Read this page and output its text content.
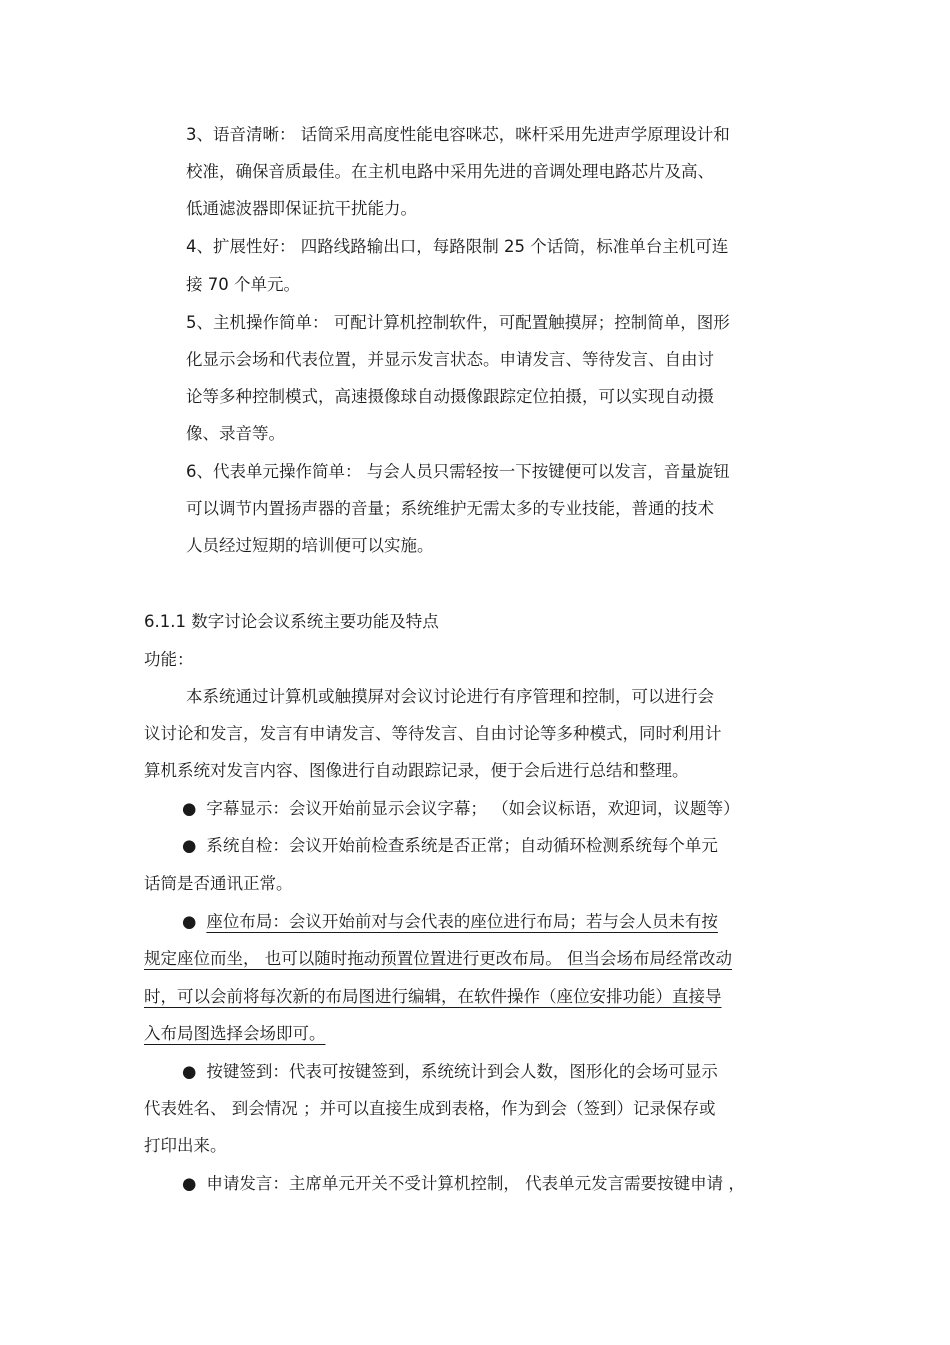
3、语音清晰： 话筒采用高度性能电容咪芯，咪杆采用先进声学原理设计和
校准，确保音质最佳。在主机电路中采用先进的音调处理电路芯片及高、
低通滤波器即保证抗干扰能力。
4、扩展性好： 四路线路输出口，每路限制 25 个话筒，标准单台主机可连
接 70 个单元。
5、主机操作简单： 可配计算机控制软件，可配置触摸屏；控制简单，图形
化显示会场和代表位置，并显示发言状态。申请发言、等待发言、自由讨
论等多种控制模式，高速摄像球自动摄像跟踪定位拍摄，可以实现自动摄
像、录音等。
6、代表单元操作简单： 与会人员只需轻按一下按键便可以发言，音量旋钮
可以调节内置扬声器的音量；系统维护无需太多的专业技能，普通的技术
人员经过短期的培训便可以实施。
6.1.1 数字讨论会议系统主要功能及特点
功能：
本系统通过计算机或触摸屏对会议讨论进行有序管理和控制，可以进行会
议讨论和发言，发言有申请发言、等待发言、自由讨论等多种模式，同时利用计
算机系统对发言内容、图像进行自动跟踪记录，便于会后进行总结和整理。
● 字幕显示：会议开始前显示会议字幕； （如会议标语，欢迎词，议题等）
● 系统自检：会议开始前检查系统是否正常；自动循环检测系统每个单元
话筒是否通讯正常。
● 座位布局：会议开始前对与会代表的座位进行布局；若与会人员未有按
规定座位而坐， 也可以随时拖动预置位置进行更改布局。 但当会场布局经常改动
时，可以会前将每次新的布局图进行编辑，在软件操作（座位安排功能）直接导
入布局图选择会场即可。
● 按键签到：代表可按键签到，系统统计到会人数，图形化的会场可显示
代表姓名、 到会情况 ；并可以直接生成到表格，作为到会（签到）记录保存或
打印出来。
● 申请发言：主席单元开关不受计算机控制， 代表单元发言需要按键申请 ，
